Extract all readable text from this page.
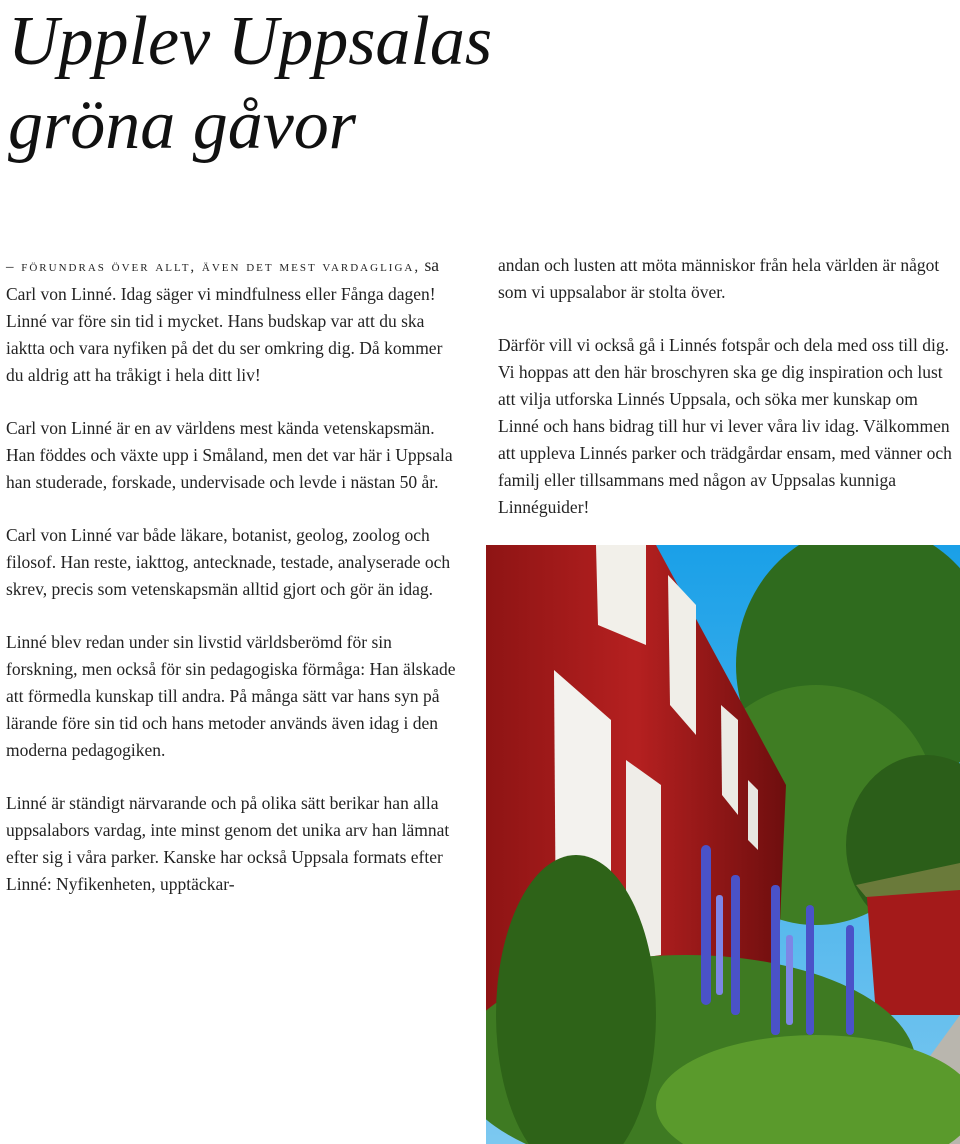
Upplev Uppsalas
gröna gåvor

– förundras över allt, även det mest vardagliga, sa Carl von Linné. Idag säger vi mindfulness eller Fånga dagen! Linné var före sin tid i mycket. Hans budskap var att du ska iaktta och vara nyfiken på det du ser omkring dig. Då kommer du aldrig att ha tråkigt i hela ditt liv!

Carl von Linné är en av världens mest kända vetenskapsmän. Han föddes och växte upp i Småland, men det var här i Uppsala han studerade, forskade, undervisade och levde i nästan 50 år.

Carl von Linné var både läkare, botanist, geolog, zoolog och filosof. Han reste, iakttog, antecknade, testade, analyserade och skrev, precis som vetenskapsmän alltid gjort och gör än idag.

Linné blev redan under sin livstid världsberömd för sin forskning, men också för sin pedagogiska förmåga: Han älskade att förmedla kunskap till andra. På många sätt var hans syn på lärande före sin tid och hans metoder används även idag i den moderna pedagogiken.

Linné är ständigt närvarande och på olika sätt berikar han alla uppsalabors vardag, inte minst genom det unika arv han lämnat efter sig i våra parker. Kanske har också Uppsala formats efter Linné: Nyfikenheten, upptäckar-

andan och lusten att möta människor från hela världen är något som vi uppsalabor är stolta över.

Därför vill vi också gå i Linnés fotspår och dela med oss till dig. Vi hoppas att den här broschyren ska ge dig inspiration och lust att vilja utforska Linnés Uppsala, och söka mer kunskap om Linné och hans bidrag till hur vi lever våra liv idag. Välkommen att uppleva Linnés parker och trädgårdar ensam, med vänner och familj eller tillsammans med någon av Uppsalas kunniga Linnéguider!
